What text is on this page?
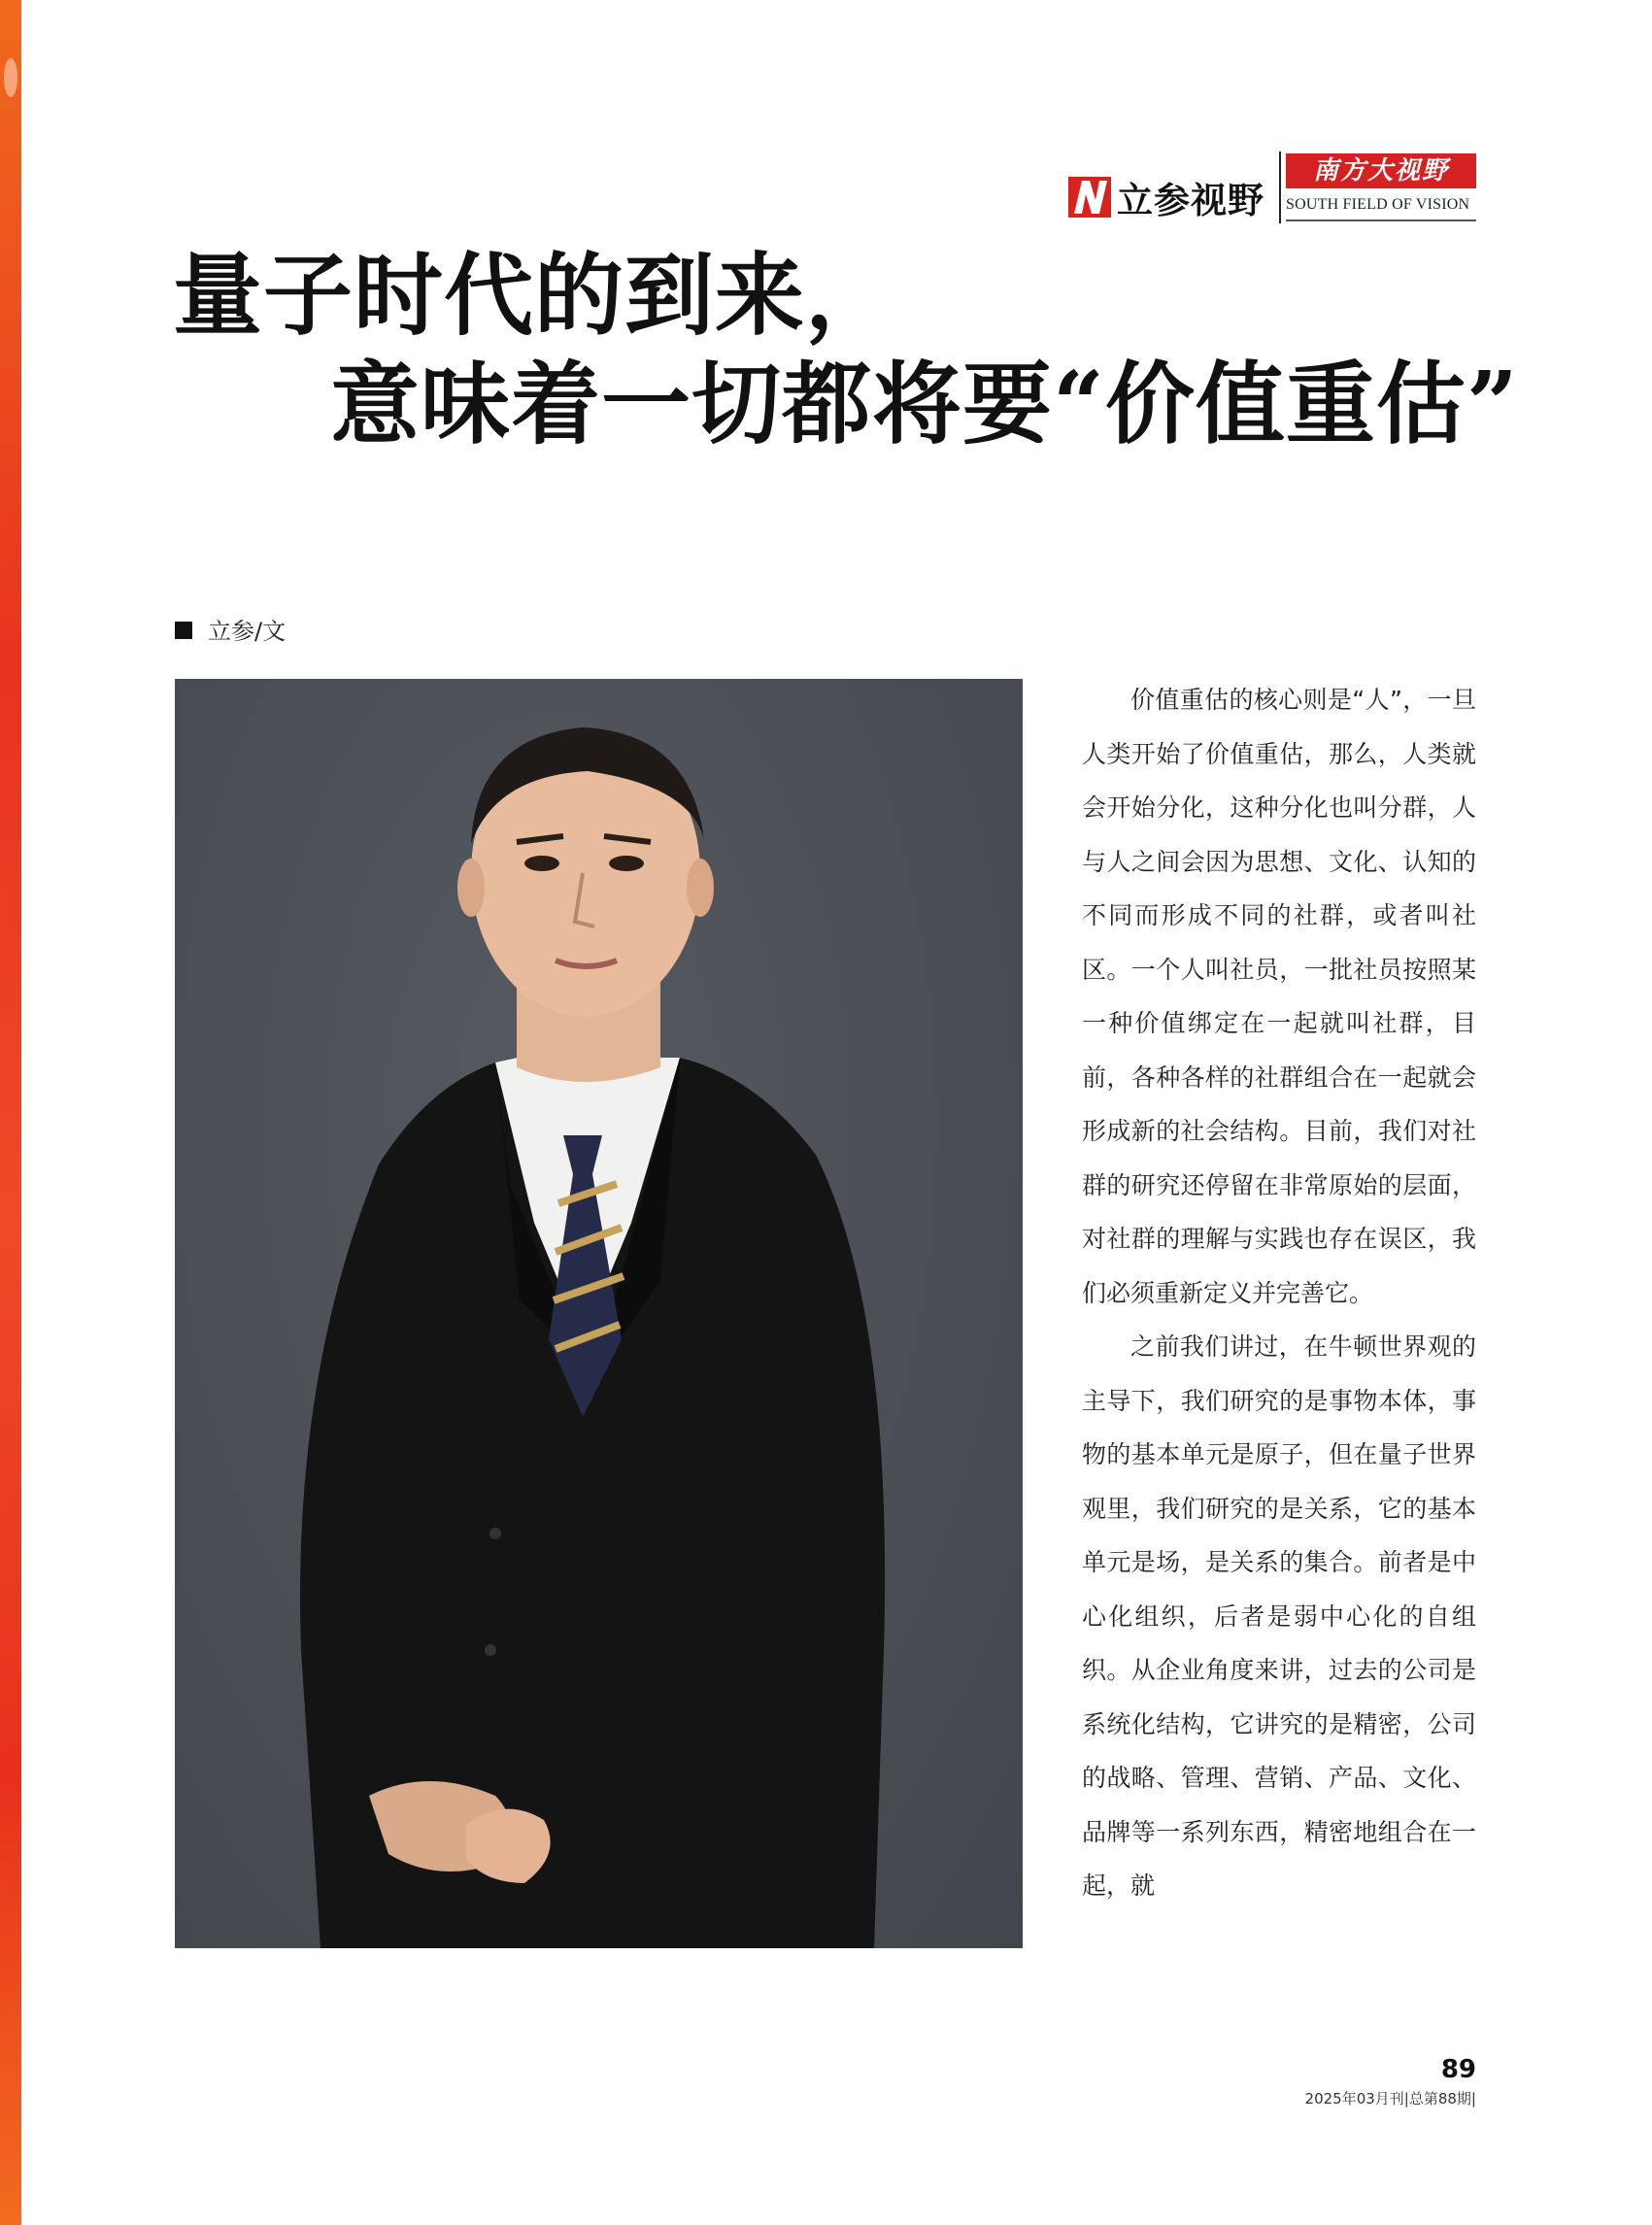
立参视野
南方大视野
SOUTH FIELD OF VISION
量子时代的到来，
意味着一切都将要“价值重估”
立参/文

价值重估的核心则是“人”，一旦人类开始了价值重估，那么，人类就会开始分化，这种分化也叫分群，人与人之间会因为思想、文化、认知的不同而形成不同的社群，或者叫社区。一个人叫社员，一批社员按照某一种价值绑定在一起就叫社群，目前，各种各样的社群组合在一起就会形成新的社会结构。目前，我们对社群的研究还停留在非常原始的层面，对社群的理解与实践也存在误区，我们必须重新定义并完善它。

之前我们讲过，在牛顿世界观的主导下，我们研究的是事物本体，事物的基本单元是原子，但在量子世界观里，我们研究的是关系，它的基本单元是场，是关系的集合。前者是中心化组织，后者是弱中心化的自组织。从企业角度来讲，过去的公司是系统化结构，它讲究的是精密，公司的战略、管理、营销、产品、文化、品牌等一系列东西，精密地组合在一起，就

89
2025年03月刊|总第88期|
